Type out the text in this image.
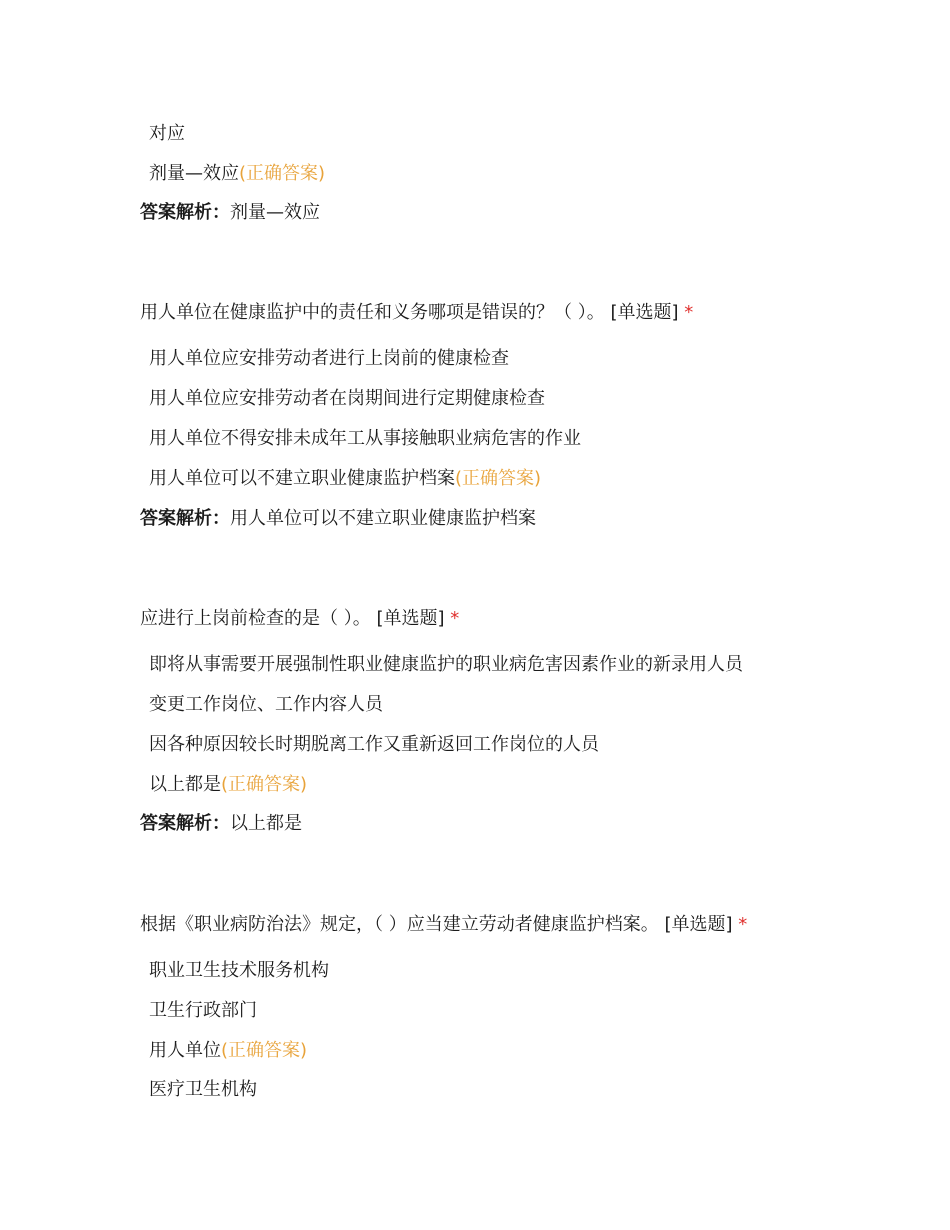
对应
剂量—效应(正确答案)
答案解析：剂量—效应
用人单位在健康监护中的责任和义务哪项是错误的？（ ）。 [单选题] *
用人单位应安排劳动者进行上岗前的健康检查
用人单位应安排劳动者在岗期间进行定期健康检查
用人单位不得安排未成年工从事接触职业病危害的作业
用人单位可以不建立职业健康监护档案(正确答案)
答案解析：用人单位可以不建立职业健康监护档案
应进行上岗前检查的是（ ）。 [单选题] *
即将从事需要开展强制性职业健康监护的职业病危害因素作业的新录用人员
变更工作岗位、工作内容人员
因各种原因较长时期脱离工作又重新返回工作岗位的人员
以上都是(正确答案)
答案解析：以上都是
根据《职业病防治法》规定，（ ）应当建立劳动者健康监护档案。 [单选题] *
职业卫生技术服务机构
卫生行政部门
用人单位(正确答案)
医疗卫生机构
